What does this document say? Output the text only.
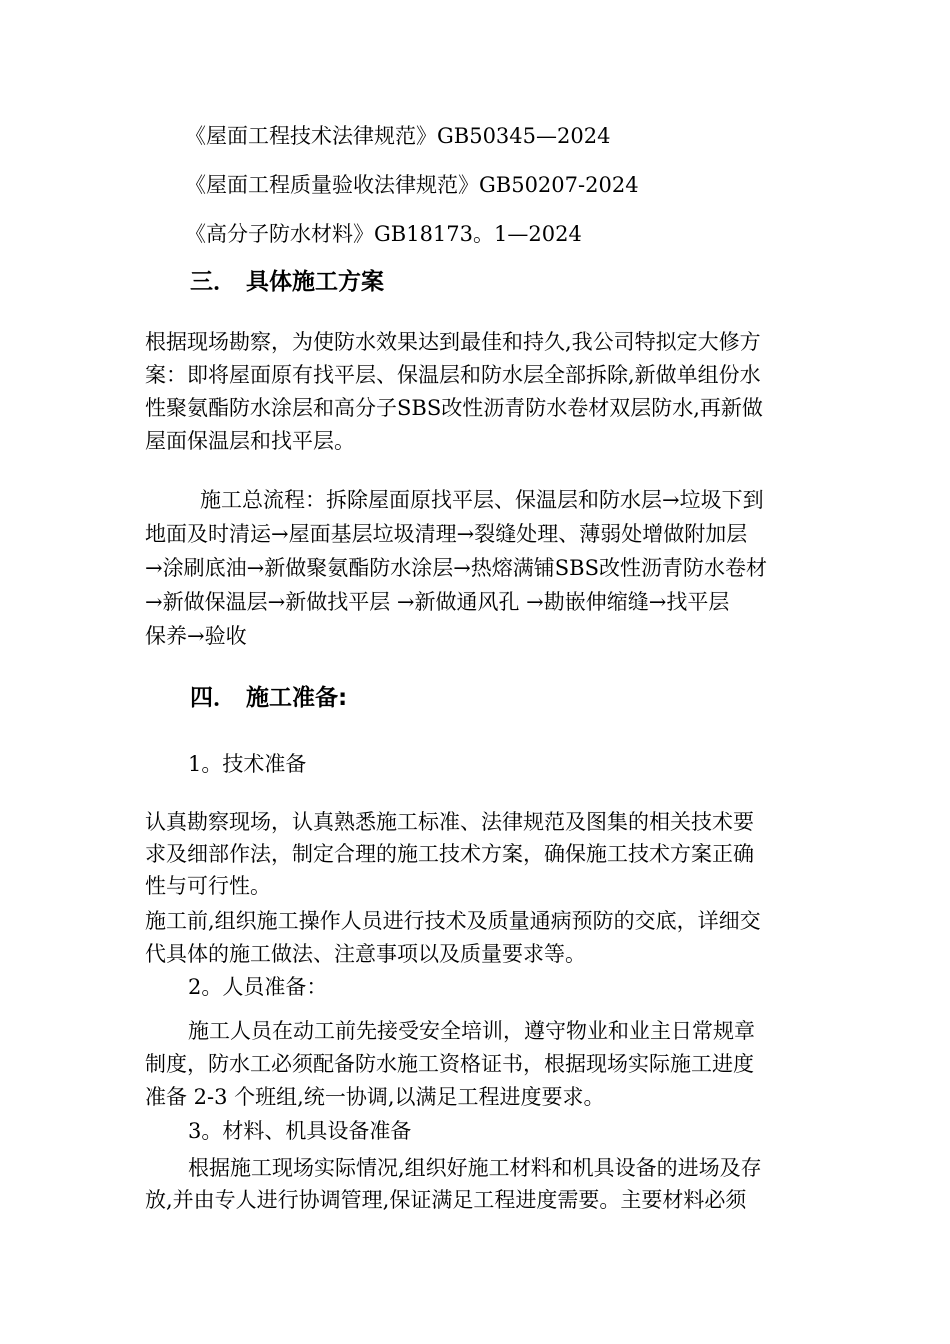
《屋面工程技术法律规范》GB50345—2024
《屋面工程质量验收法律规范》GB50207-2024
《高分子防水材料》GB18173。1—2024
三． 具体施工方案
根据现场勘察，为使防水效果达到最佳和持久,我公司特拟定大修方
案：即将屋面原有找平层、保温层和防水层全部拆除,新做单组份水
性聚氨酯防水涂层和高分子SBS改性沥青防水卷材双层防水,再新做
屋面保温层和找平层。
施工总流程：拆除屋面原找平层、保温层和防水层→垃圾下到
地面及时清运→屋面基层垃圾清理→裂缝处理、薄弱处增做附加层
→涂刷底油→新做聚氨酯防水涂层→热熔满铺SBS改性沥青防水卷材
→新做保温层→新做找平层 →新做通风孔 →勘嵌伸缩缝→找平层
保养→验收
四． 施工准备:
1。技术准备
认真勘察现场，认真熟悉施工标准、法律规范及图集的相关技术要
求及细部作法，制定合理的施工技术方案，确保施工技术方案正确
性与可行性。
施工前,组织施工操作人员进行技术及质量通病预防的交底，详细交
代具体的施工做法、注意事项以及质量要求等。
2。人员准备：
施工人员在动工前先接受安全培训，遵守物业和业主日常规章
制度，防水工必须配备防水施工资格证书，根据现场实际施工进度
准备 2-3 个班组,统一协调,以满足工程进度要求。
3。材料、机具设备准备
根据施工现场实际情况,组织好施工材料和机具设备的进场及存
放,并由专人进行协调管理,保证满足工程进度需要。主要材料必须
